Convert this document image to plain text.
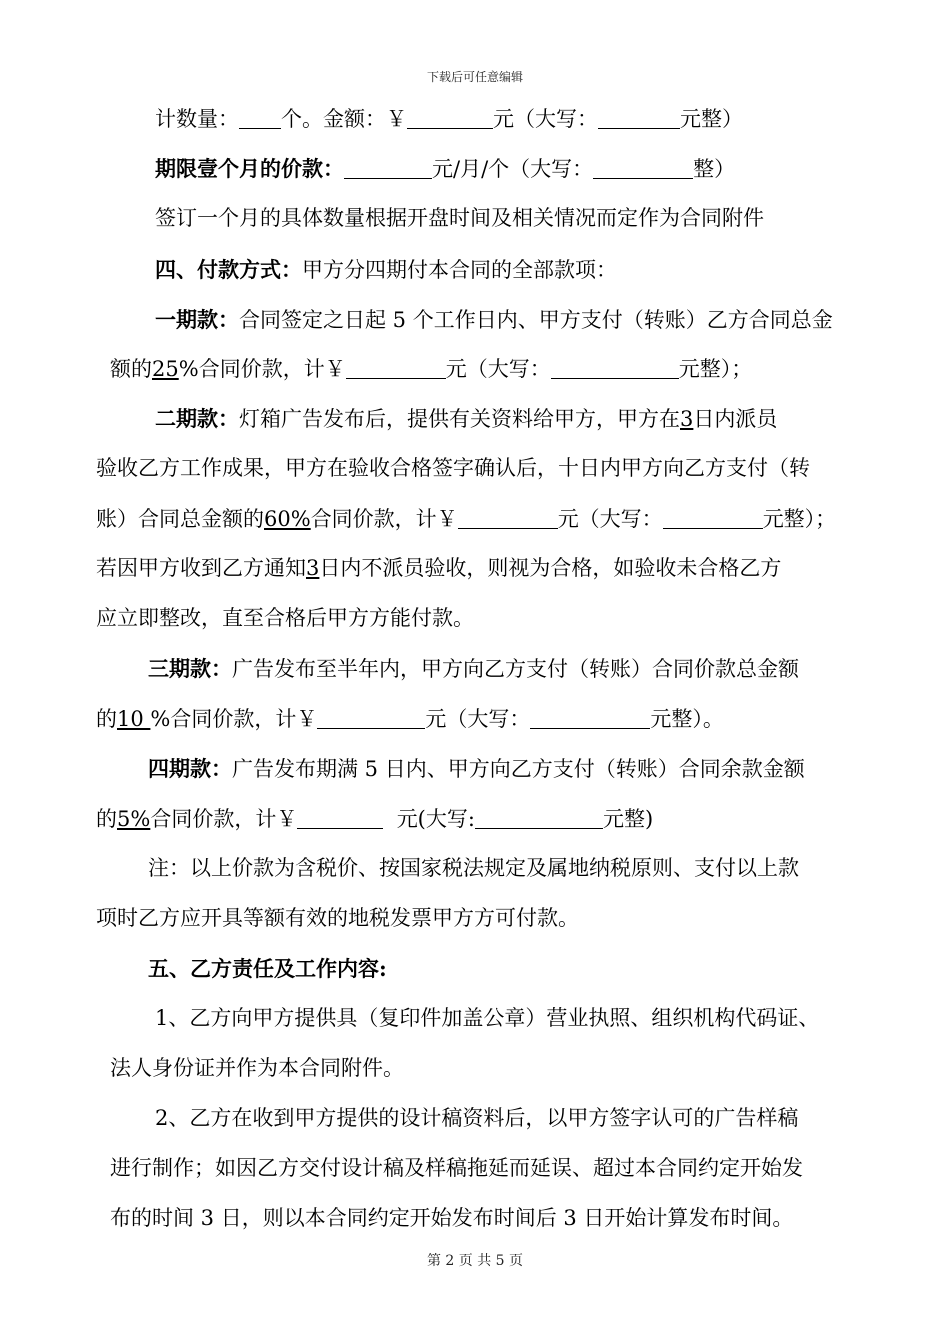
下载后可任意编辑
计数量： 个。金额：￥	元（大写：	元整）
期限壹个月的价款：	元/月/个（大写：	整）
签订一个月的具体数量根据开盘时间及相关情况而定作为合同附件
四、付款方式：甲方分四期付本合同的全部款项：
一期款：合同签定之日起 5 个工作日内、甲方支付（转账）乙方合同总金
额的25%合同价款，计￥	元（大写：	元整）；
二期款：灯箱广告发布后，提供有关资料给甲方，甲方在3日内派员
验收乙方工作成果，甲方在验收合格签字确认后，十日内甲方向乙方支付（转
账）合同总金额的60%合同价款，计￥	元（大写：	元整）；
若因甲方收到乙方通知3日内不派员验收，则视为合格，如验收未合格乙方
应立即整改，直至合格后甲方方能付款。
三期款：广告发布至半年内，甲方向乙方支付（转账）合同价款总金额
的10 %合同价款，计￥	元（大写：	元整）。
四期款：广告发布期满 5 日内、甲方向乙方支付（转账）合同余款金额
的5%合同价款，计￥	元(大写:	元整)
注：以上价款为含税价、按国家税法规定及属地纳税原则、支付以上款
项时乙方应开具等额有效的地税发票甲方方可付款。
五、乙方责任及工作内容:
1、乙方向甲方提供具（复印件加盖公章）营业执照、组织机构代码证、
法人身份证并作为本合同附件。
2、乙方在收到甲方提供的设计稿资料后，以甲方签字认可的广告样稿
进行制作；如因乙方交付设计稿及样稿拖延而延误、超过本合同约定开始发
布的时间 3 日，则以本合同约定开始发布时间后 3 日开始计算发布时间。
第 2 页 共 5 页
